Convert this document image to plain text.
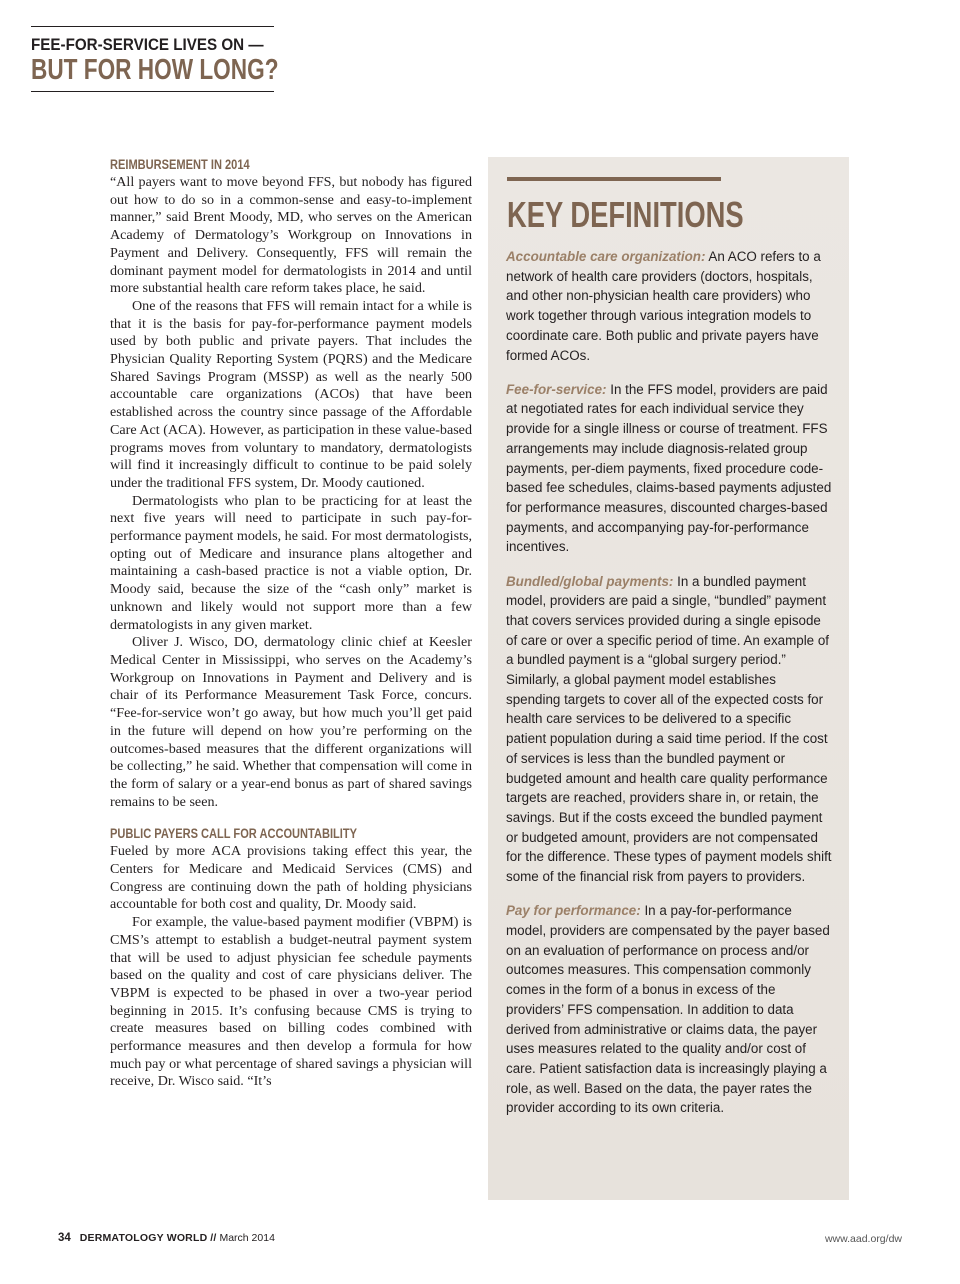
FEE-FOR-SERVICE LIVES ON —
BUT FOR HOW LONG?
REIMBURSEMENT IN 2014

“All payers want to move beyond FFS, but nobody has figured out how to do so in a common-sense and easy-to-implement manner,” said Brent Moody, MD, who serves on the American Academy of Dermatology’s Workgroup on Innovations in Payment and Delivery. Consequently, FFS will remain the dominant payment model for dermatologists in 2014 and until more substantial health care reform takes place, he said.

One of the reasons that FFS will remain intact for a while is that it is the basis for pay-for-performance payment models used by both public and private payers. That includes the Physician Quality Reporting System (PQRS) and the Medicare Shared Savings Program (MSSP) as well as the nearly 500 accountable care organizations (ACOs) that have been established across the country since passage of the Affordable Care Act (ACA). However, as participation in these value-based programs moves from voluntary to mandatory, dermatologists will find it increasingly difficult to continue to be paid solely under the traditional FFS system, Dr. Moody cautioned.

Dermatologists who plan to be practicing for at least the next five years will need to participate in such pay-for-performance payment models, he said. For most dermatologists, opting out of Medicare and insurance plans altogether and maintaining a cash-based practice is not a viable option, Dr. Moody said, because the size of the “cash only” market is unknown and likely would not support more than a few dermatologists in any given market.

Oliver J. Wisco, DO, dermatology clinic chief at Keesler Medical Center in Mississippi, who serves on the Academy’s Workgroup on Innovations in Payment and Delivery and is chair of its Performance Measurement Task Force, concurs. “Fee-for-service won’t go away, but how much you’ll get paid in the future will depend on how you’re performing on the outcomes-based measures that the different organizations will be collecting,” he said. Whether that compensation will come in the form of salary or a year-end bonus as part of shared savings remains to be seen.

PUBLIC PAYERS CALL FOR ACCOUNTABILITY

Fueled by more ACA provisions taking effect this year, the Centers for Medicare and Medicaid Services (CMS) and Congress are continuing down the path of holding physicians accountable for both cost and quality, Dr. Moody said.

For example, the value-based payment modifier (VBPM) is CMS’s attempt to establish a budget-neutral payment system that will be used to adjust physician fee schedule payments based on the quality and cost of care physicians deliver. The VBPM is expected to be phased in over a two-year period beginning in 2015. It’s confusing because CMS is trying to create measures based on billing codes combined with performance measures and then develop a formula for how much pay or what percentage of shared savings a physician will receive, Dr. Wisco said. “It’s

KEY DEFINITIONS

Accountable care organization: An ACO refers to a network of health care providers (doctors, hospitals, and other non-physician health care providers) who work together through various integration models to coordinate care. Both public and private payers have formed ACOs.

Fee-for-service: In the FFS model, providers are paid at negotiated rates for each individual service they provide for a single illness or course of treatment. FFS arrangements may include diagnosis-related group payments, per-diem payments, fixed procedure code-based fee schedules, claims-based payments adjusted for performance measures, discounted charges-based payments, and accompanying pay-for-performance incentives.

Bundled/global payments: In a bundled payment model, providers are paid a single, “bundled” payment that covers services provided during a single episode of care or over a specific period of time. An example of a bundled payment is a “global surgery period.” Similarly, a global payment model establishes spending targets to cover all of the expected costs for health care services to be delivered to a specific patient population during a said time period. If the cost of services is less than the bundled payment or budgeted amount and health care quality performance targets are reached, providers share in, or retain, the savings. But if the costs exceed the bundled payment or budgeted amount, providers are not compensated for the difference. These types of payment models shift some of the financial risk from payers to providers.

Pay for performance: In a pay-for-performance model, providers are compensated by the payer based on an evaluation of performance on process and/or outcomes measures. This compensation commonly comes in the form of a bonus in excess of the providers’ FFS compensation. In addition to data derived from administrative or claims data, the payer uses measures related to the quality and/or cost of care. Patient satisfaction data is increasingly playing a role, as well. Based on the data, the payer rates the provider according to its own criteria.

34 DERMATOLOGY WORLD // March 2014	www.aad.org/dw
